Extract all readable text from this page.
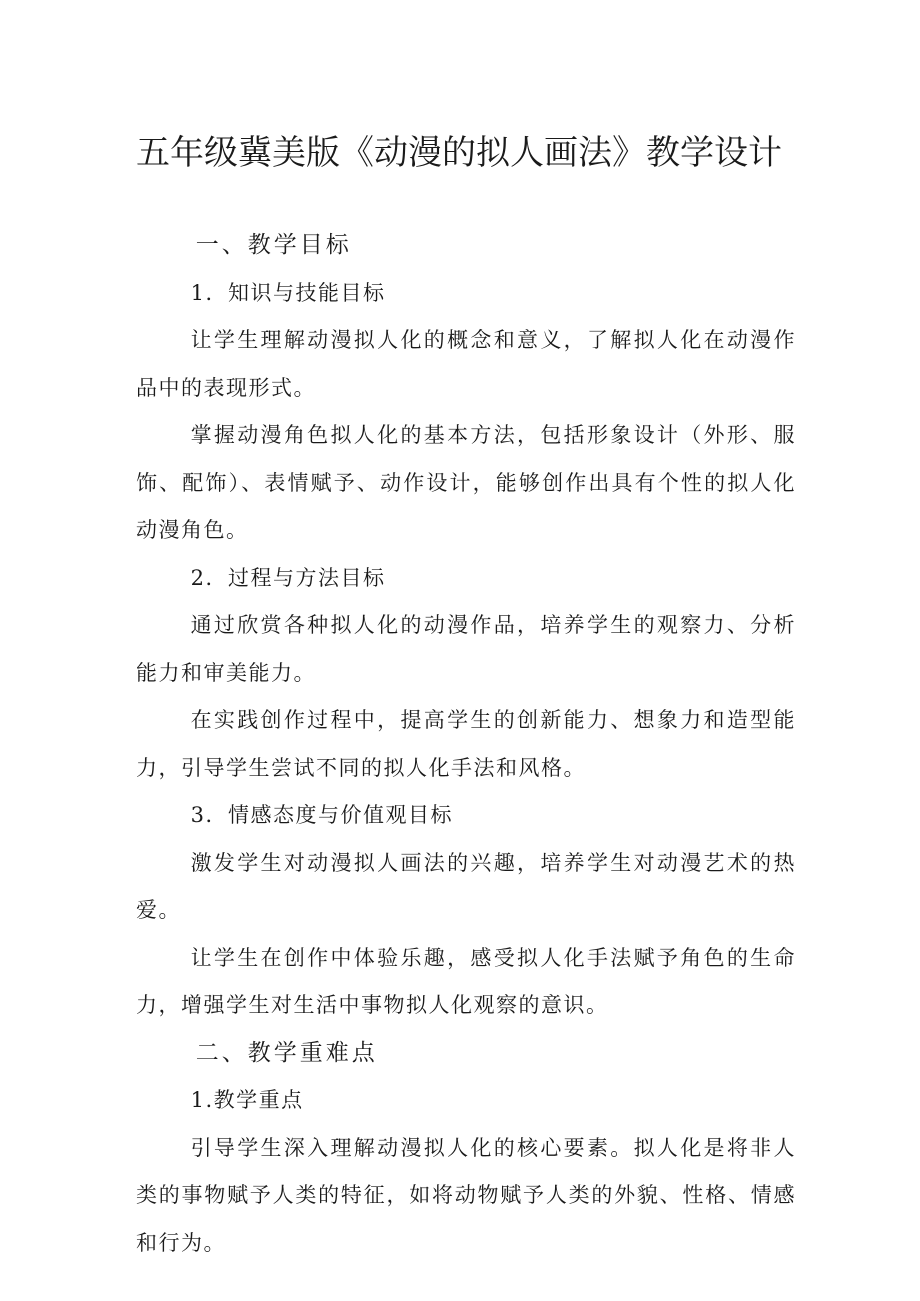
五年级冀美版《动漫的拟人画法》教学设计

一、教学目标

1．知识与技能目标

让学生理解动漫拟人化的概念和意义，了解拟人化在动漫作品中的表现形式。

掌握动漫角色拟人化的基本方法，包括形象设计（外形、服饰、配饰）、表情赋予、动作设计，能够创作出具有个性的拟人化动漫角色。

2．过程与方法目标

通过欣赏各种拟人化的动漫作品，培养学生的观察力、分析能力和审美能力。

在实践创作过程中，提高学生的创新能力、想象力和造型能力，引导学生尝试不同的拟人化手法和风格。

3．情感态度与价值观目标

激发学生对动漫拟人画法的兴趣，培养学生对动漫艺术的热爱。

让学生在创作中体验乐趣，感受拟人化手法赋予角色的生命力，增强学生对生活中事物拟人化观察的意识。

二、教学重难点

1.教学重点

引导学生深入理解动漫拟人化的核心要素。拟人化是将非人类的事物赋予人类的特征，如将动物赋予人类的外貌、性格、情感和行为。
